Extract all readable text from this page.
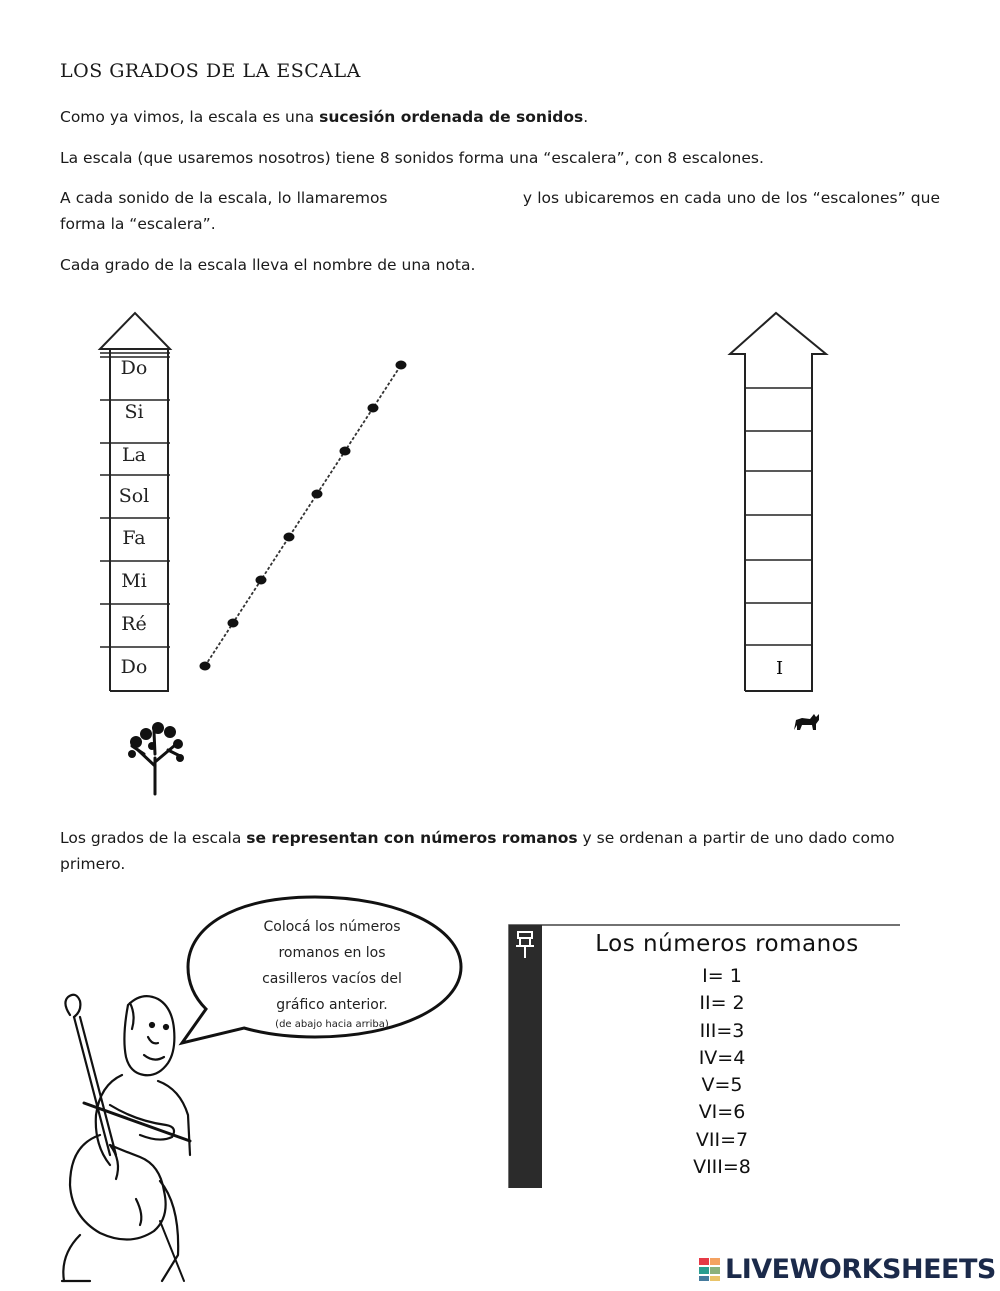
LOS GRADOS DE LA ESCALA
Como ya vimos, la escala es una sucesión ordenada de sonidos.
La escala (que usaremos nosotros) tiene 8 sonidos forma una “escalera”, con 8 escalones.
A cada sonido de la escala, lo llamaremos	y los ubicaremos en cada uno de los “escalones” que forma la “escalera”.
Cada grado de la escala lleva el nombre de una nota.
Do
Si
La
Sol
Fa
Mi
Ré
Do
I
Los grados de la escala se representan con números romanos y se ordenan a partir de uno dado como primero.
Colocá los números
romanos en los
casilleros vacíos del
gráfico anterior.
(de abajo hacia arriba)
Los números romanos
I= 1
II= 2
III=3
IV=4
V=5
VI=6
VII=7
VIII=8
LIVEWORKSHEETS
